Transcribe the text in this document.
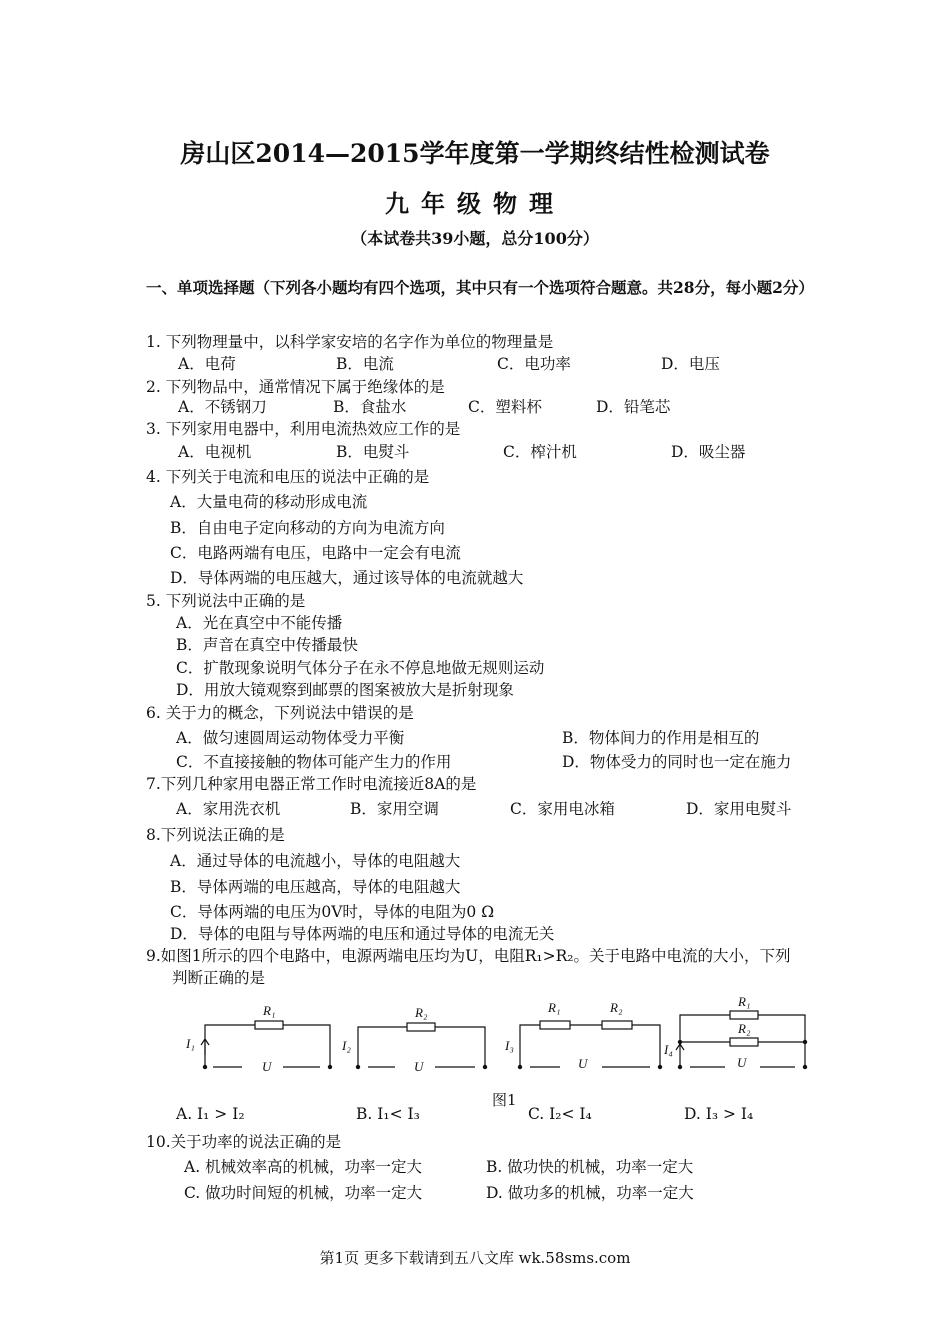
房山区2014—2015学年度第一学期终结性检测试卷
九年级物理
（本试卷共39小题，总分100分）
一、单项选择题（下列各小题均有四个选项，其中只有一个选项符合题意。共28分，每小题2分）
1. 下列物理量中，以科学家安培的名字作为单位的物理量是
A．电荷	B．电流	C．电功率	D．电压
2. 下列物品中，通常情况下属于绝缘体的是
A．不锈钢刀	B．食盐水	C．塑料杯	D．铅笔芯
3. 下列家用电器中，利用电流热效应工作的是
A．电视机	B．电熨斗	C．榨汁机	D．吸尘器
4. 下列关于电流和电压的说法中正确的是
A．大量电荷的移动形成电流
B．自由电子定向移动的方向为电流方向
C．电路两端有电压，电路中一定会有电流
D．导体两端的电压越大，通过该导体的电流就越大
5. 下列说法中正确的是
A．光在真空中不能传播
B．声音在真空中传播最快
C．扩散现象说明气体分子在永不停息地做无规则运动
D．用放大镜观察到邮票的图案被放大是折射现象
6. 关于力的概念，下列说法中错误的是
A．做匀速圆周运动物体受力平衡	B．物体间力的作用是相互的
C．不直接接触的物体可能产生力的作用	D．物体受力的同时也一定在施力
7.下列几种家用电器正常工作时电流接近8A的是
A．家用洗衣机	B．家用空调	C．家用电冰箱	D．家用电熨斗
8.下列说法正确的是
A．通过导体的电流越小，导体的电阻越大
B．导体两端的电压越高，导体的电阻越大
C．导体两端的电压为0V时，导体的电阻为0 Ω
D．导体的电阻与导体两端的电压和通过导体的电流无关
9.如图1所示的四个电路中，电源两端电压均为U，电阻R₁>R₂。关于电路中电流的大小，下列
判断正确的是
R₁
I₁
U
R₂
I₂
U
R₁	R₂
I₃
U
R₁
R₂
I₄
U
图1
A. I₁ > I₂	B. I₁< I₃	C. I₂< I₄	D. I₃ > I₄
10.关于功率的说法正确的是
A. 机械效率高的机械，功率一定大	B. 做功快的机械，功率一定大
C. 做功时间短的机械，功率一定大	D. 做功多的机械，功率一定大
第1页 更多下载请到五八文库 wk.58sms.com
